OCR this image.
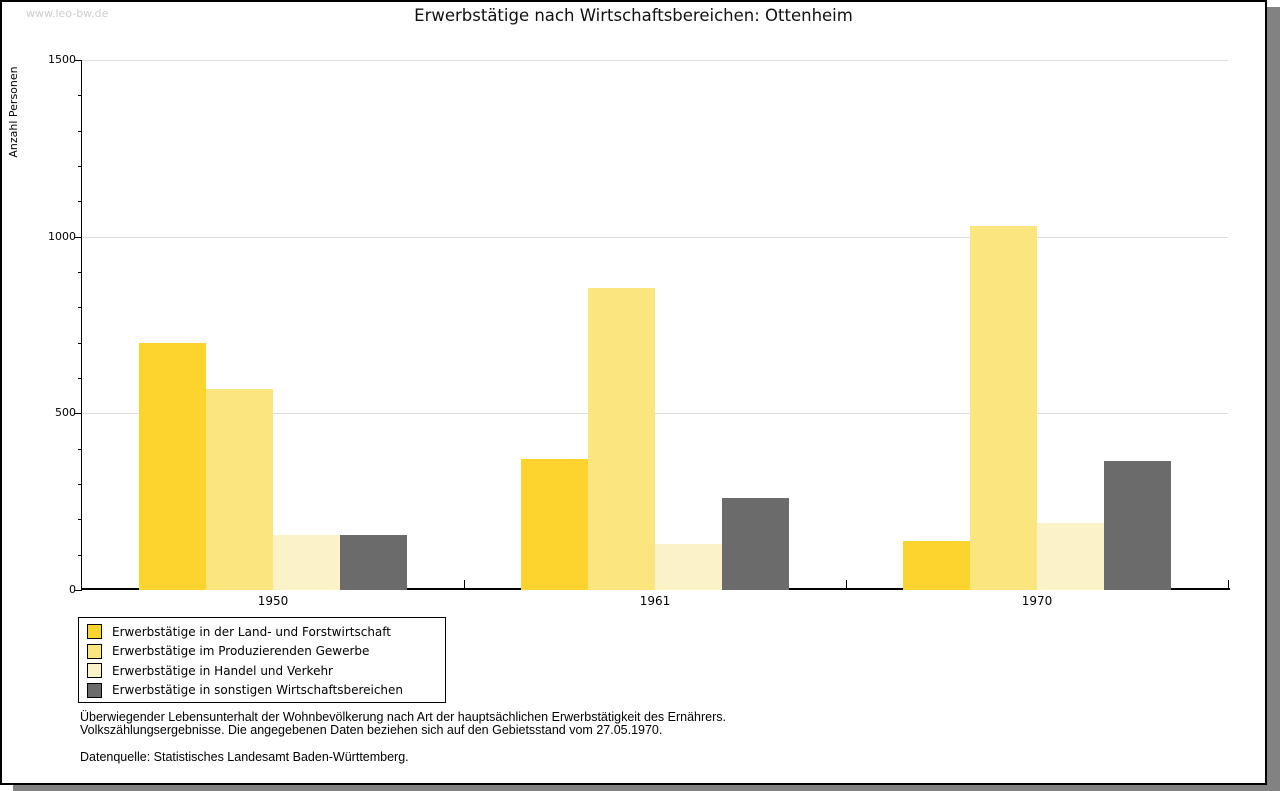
www.leo-bw.de	Erwerbstätige nach Wirtschaftsbereichen: Ottenheim
Anzahl Personen
Erwerbstätige in der Land- und Forstwirtschaft
Erwerbstätige im Produzierenden Gewerbe
Erwerbstätige in Handel und Verkehr
Erwerbstätige in sonstigen Wirtschaftsbereichen
Überwiegender Lebensunterhalt der Wohnbevölkerung nach Art der hauptsächlichen Erwerbstätigkeit des Ernährers.
Volkszählungsergebnisse. Die angegebenen Daten beziehen sich auf den Gebietsstand vom 27.05.1970.
Datenquelle: Statistisches Landesamt Baden-Württemberg.
0
500
1000
1500
1950	1961	1970
